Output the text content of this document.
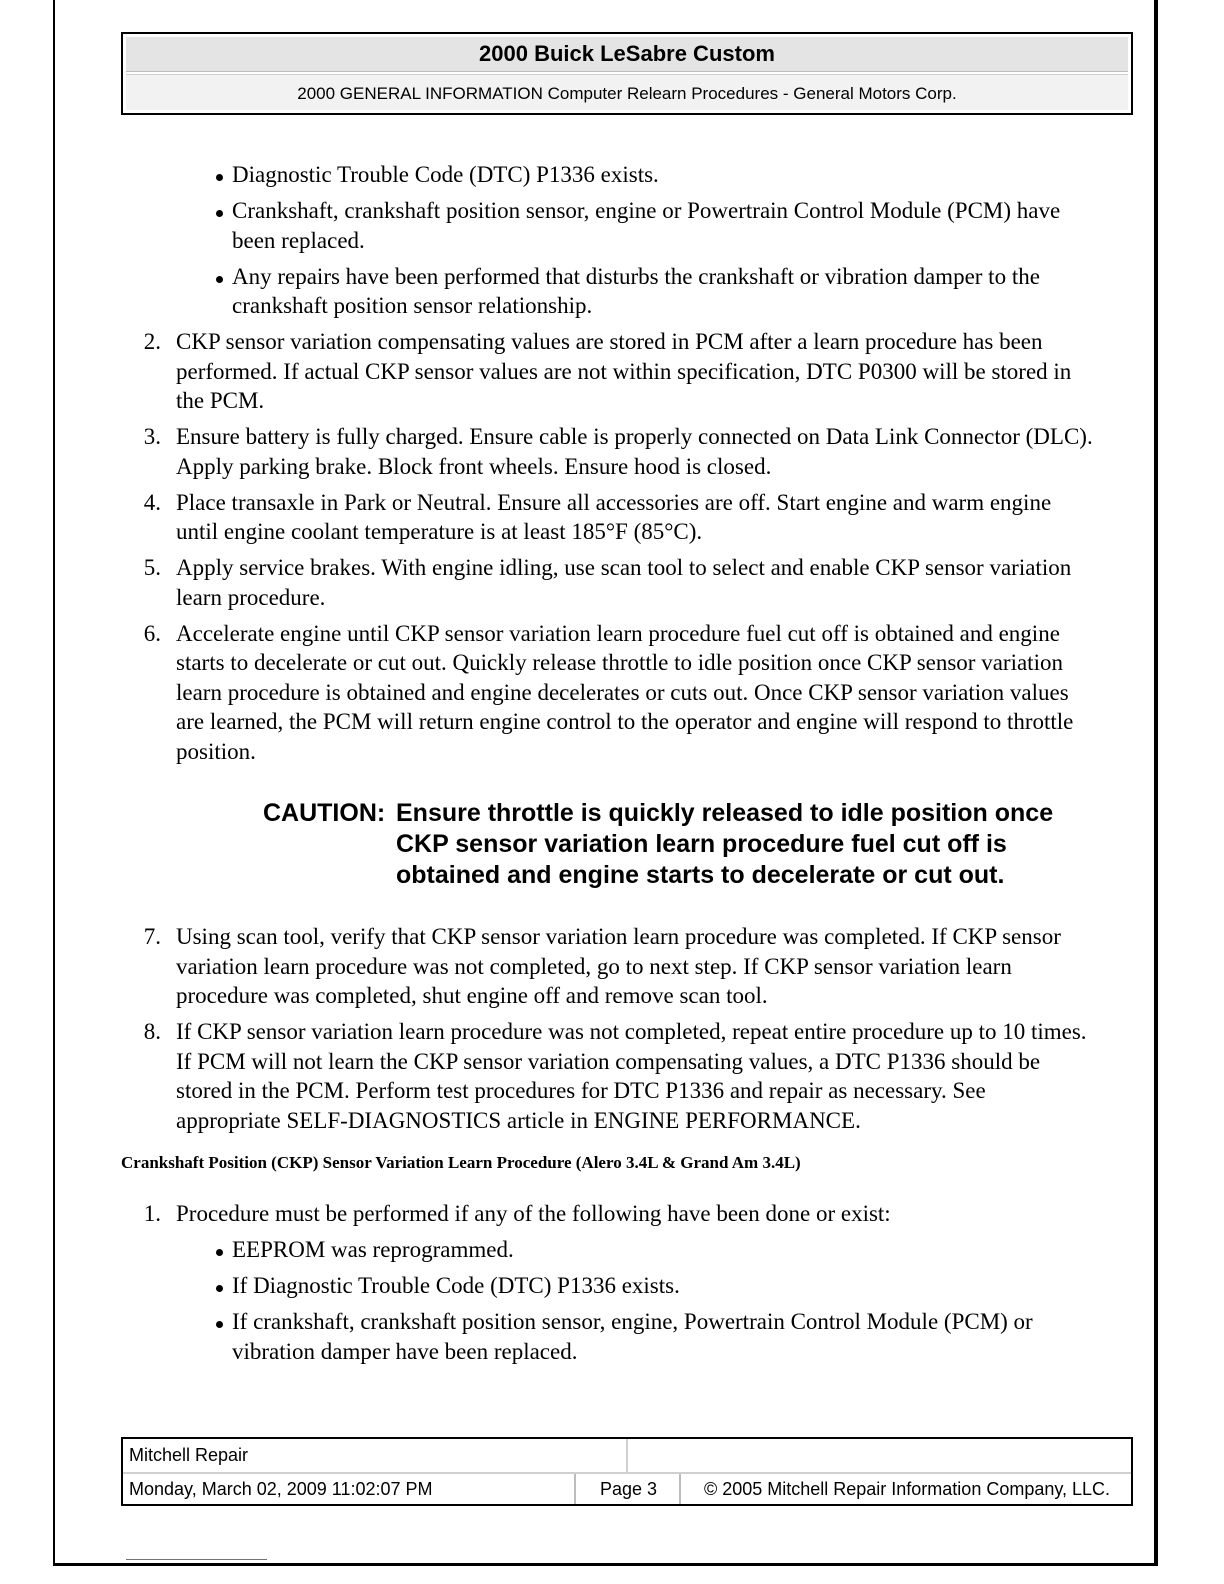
2000 Buick LeSabre Custom
2000 GENERAL INFORMATION Computer Relearn Procedures - General Motors Corp.
Diagnostic Trouble Code (DTC) P1336 exists.
Crankshaft, crankshaft position sensor, engine or Powertrain Control Module (PCM) have been replaced.
Any repairs have been performed that disturbs the crankshaft or vibration damper to the crankshaft position sensor relationship.
2. CKP sensor variation compensating values are stored in PCM after a learn procedure has been performed. If actual CKP sensor values are not within specification, DTC P0300 will be stored in the PCM.
3. Ensure battery is fully charged. Ensure cable is properly connected on Data Link Connector (DLC). Apply parking brake. Block front wheels. Ensure hood is closed.
4. Place transaxle in Park or Neutral. Ensure all accessories are off. Start engine and warm engine until engine coolant temperature is at least 185°F (85°C).
5. Apply service brakes. With engine idling, use scan tool to select and enable CKP sensor variation learn procedure.
6. Accelerate engine until CKP sensor variation learn procedure fuel cut off is obtained and engine starts to decelerate or cut out. Quickly release throttle to idle position once CKP sensor variation learn procedure is obtained and engine decelerates or cuts out. Once CKP sensor variation values are learned, the PCM will return engine control to the operator and engine will respond to throttle position.
CAUTION: Ensure throttle is quickly released to idle position once CKP sensor variation learn procedure fuel cut off is obtained and engine starts to decelerate or cut out.
7. Using scan tool, verify that CKP sensor variation learn procedure was completed. If CKP sensor variation learn procedure was not completed, go to next step. If CKP sensor variation learn procedure was completed, shut engine off and remove scan tool.
8. If CKP sensor variation learn procedure was not completed, repeat entire procedure up to 10 times. If PCM will not learn the CKP sensor variation compensating values, a DTC P1336 should be stored in the PCM. Perform test procedures for DTC P1336 and repair as necessary. See appropriate SELF-DIAGNOSTICS article in ENGINE PERFORMANCE.
Crankshaft Position (CKP) Sensor Variation Learn Procedure (Alero 3.4L & Grand Am 3.4L)
1. Procedure must be performed if any of the following have been done or exist:
EEPROM was reprogrammed.
If Diagnostic Trouble Code (DTC) P1336 exists.
If crankshaft, crankshaft position sensor, engine, Powertrain Control Module (PCM) or vibration damper have been replaced.
Mitchell Repair
Monday, March 02, 2009 11:02:07 PM	Page 3	© 2005 Mitchell Repair Information Company, LLC.
